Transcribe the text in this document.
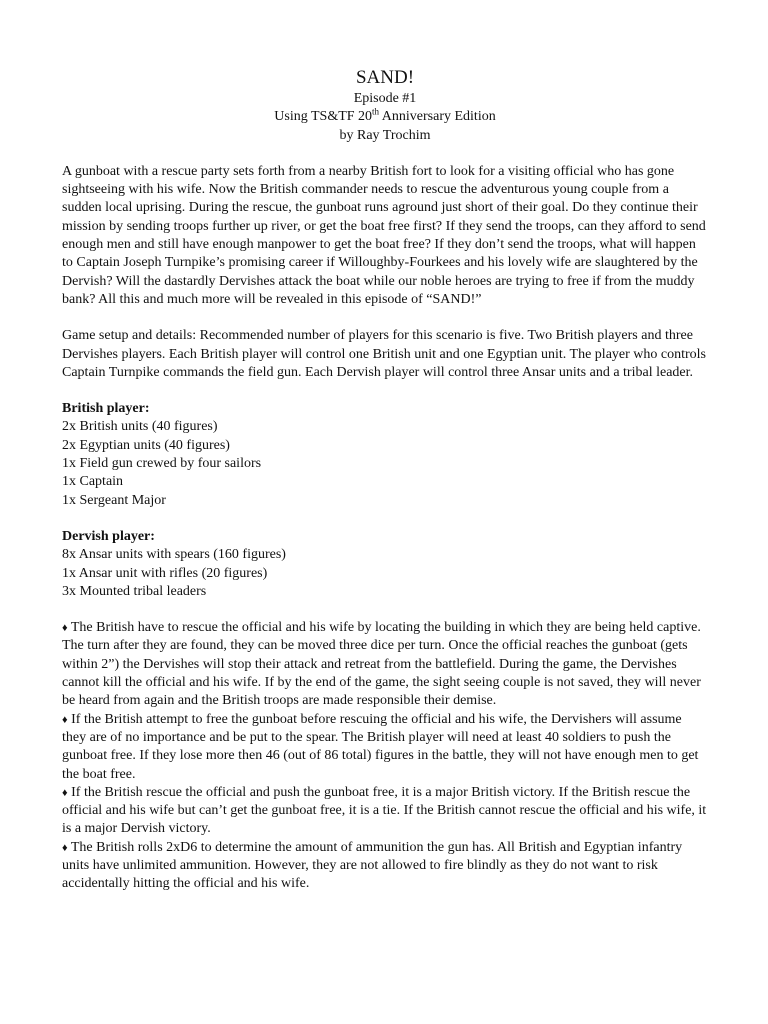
SAND!
Episode #1
Using TS&TF 20th Anniversary Edition
by Ray Trochim

A gunboat with a rescue party sets forth from a nearby British fort to look for a visiting official who has gone sightseeing with his wife. Now the British commander needs to rescue the adventurous young couple from a sudden local uprising. During the rescue, the gunboat runs aground just short of their goal. Do they continue their mission by sending troops further up river, or get the boat free first? If they send the troops, can they afford to send enough men and still have enough manpower to get the boat free? If they don’t send the troops, what will happen to Captain Joseph Turnpike’s promising career if Willoughby-Fourkees and his lovely wife are slaughtered by the Dervish? Will the dastardly Dervishes attack the boat while our noble heroes are trying to free if from the muddy bank? All this and much more will be revealed in this episode of “SAND!”

Game setup and details: Recommended number of players for this scenario is five. Two British players and three Dervishes players. Each British player will control one British unit and one Egyptian unit. The player who controls Captain Turnpike commands the field gun. Each Dervish player will control three Ansar units and a tribal leader.

British player:
2x British units (40 figures)
2x Egyptian units (40 figures)
1x Field gun crewed by four sailors
1x Captain
1x Sergeant Major
Dervish player:
8x Ansar units with spears (160 figures)
1x Ansar unit with rifles (20 figures)
3x Mounted tribal leaders
♦ The British have to rescue the official and his wife by locating the building in which they are being held captive. The turn after they are found, they can be moved three dice per turn. Once the official reaches the gunboat (gets within 2”) the Dervishes will stop their attack and retreat from the battlefield. During the game, the Dervishes cannot kill the official and his wife. If by the end of the game, the sight seeing couple is not saved, they will never be heard from again and the British troops are made responsible their demise.
♦ If the British attempt to free the gunboat before rescuing the official and his wife, the Dervishers will assume they are of no importance and be put to the spear. The British player will need at least 40 soldiers to push the gunboat free. If they lose more then 46 (out of 86 total) figures in the battle, they will not have enough men to get the boat free.
♦ If the British rescue the official and push the gunboat free, it is a major British victory. If the British rescue the official and his wife but can’t get the gunboat free, it is a tie. If the British cannot rescue the official and his wife, it is a major Dervish victory.
♦ The British rolls 2xD6 to determine the amount of ammunition the gun has. All British and Egyptian infantry units have unlimited ammunition. However, they are not allowed to fire blindly as they do not want to risk accidentally hitting the official and his wife.
